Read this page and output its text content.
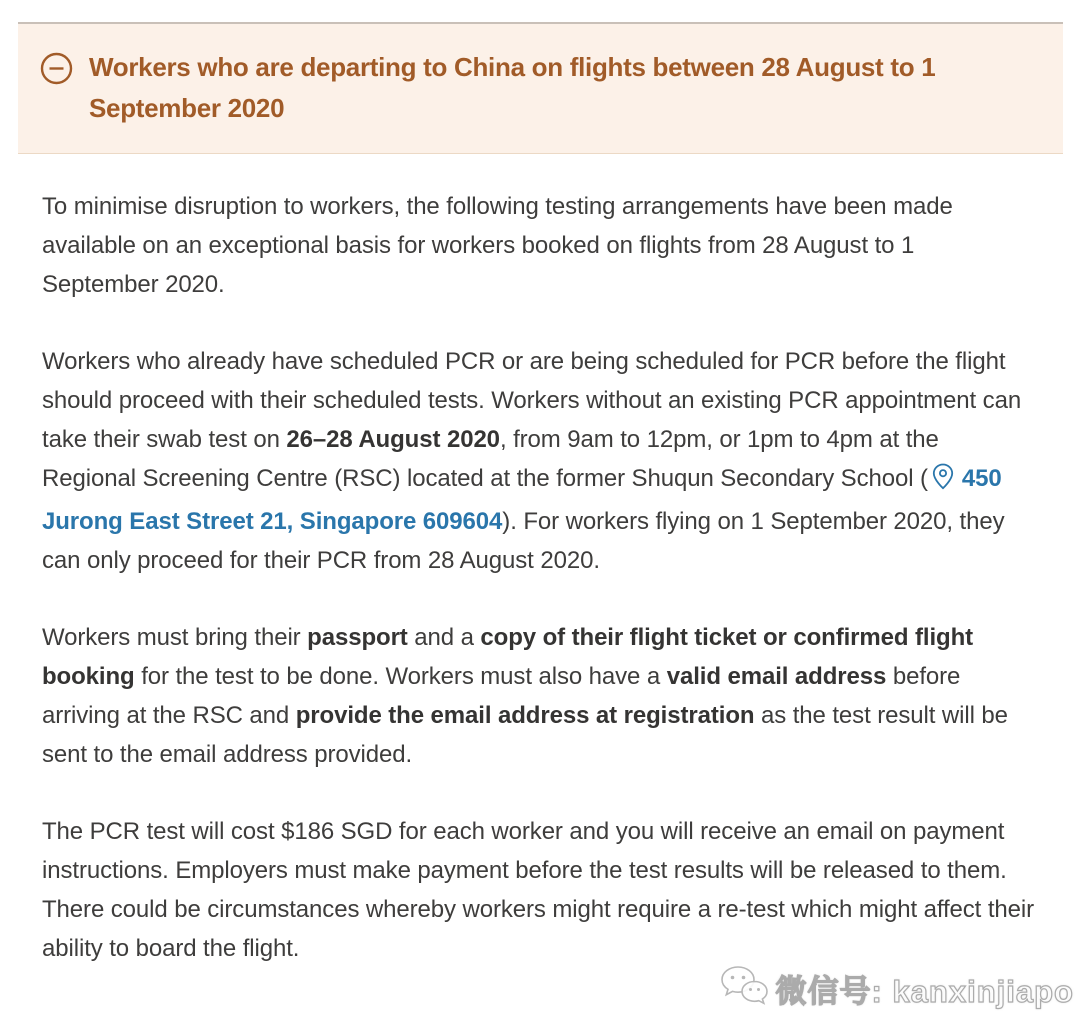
Workers who are departing to China on flights between 28 August to 1 September 2020

To minimise disruption to workers, the following testing arrangements have been made available on an exceptional basis for workers booked on flights from 28 August to 1 September 2020.

Workers who already have scheduled PCR or are being scheduled for PCR before the flight should proceed with their scheduled tests. Workers without an existing PCR appointment can take their swab test on 26–28 August 2020, from 9am to 12pm, or 1pm to 4pm at the Regional Screening Centre (RSC) located at the former Shuqun Secondary School ( 450 Jurong East Street 21, Singapore 609604). For workers flying on 1 September 2020, they can only proceed for their PCR from 28 August 2020.

Workers must bring their passport and a copy of their flight ticket or confirmed flight booking for the test to be done. Workers must also have a valid email address before arriving at the RSC and provide the email address at registration as the test result will be sent to the email address provided.

The PCR test will cost $186 SGD for each worker and you will receive an email on payment instructions. Employers must make payment before the test results will be released to them. There could be circumstances whereby workers might require a re-test which might affect their ability to board the flight.

微信号: kanxinjiapo
